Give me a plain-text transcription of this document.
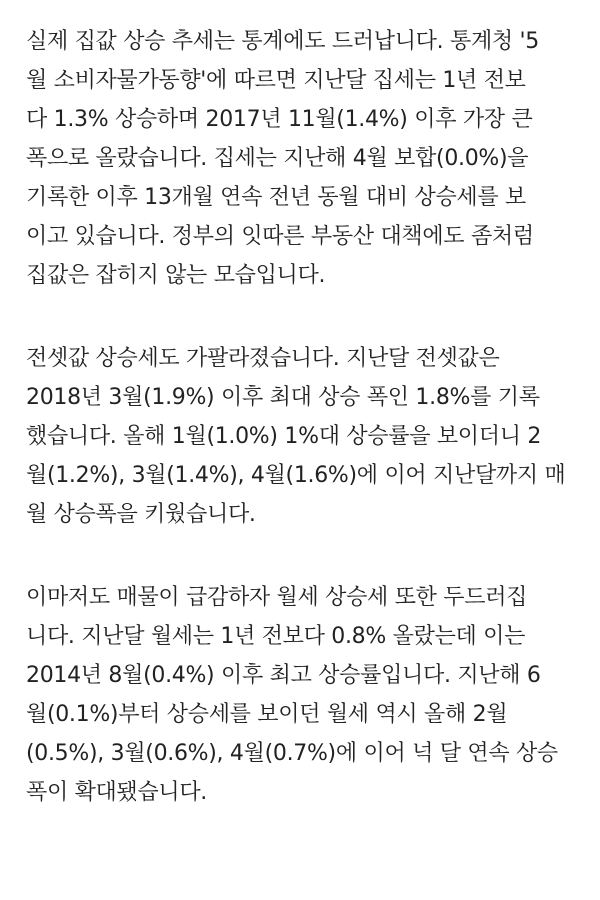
실제 집값 상승 추세는 통계에도 드러납니다. 통계청 '5
월 소비자물가동향'에 따르면 지난달 집세는 1년 전보
다 1.3% 상승하며 2017년 11월(1.4%) 이후 가장 큰
폭으로 올랐습니다. 집세는 지난해 4월 보합(0.0%)을
기록한 이후 13개월 연속 전년 동월 대비 상승세를 보
이고 있습니다. 정부의 잇따른 부동산 대책에도 좀처럼
집값은 잡히지 않는 모습입니다.

전셋값 상승세도 가팔라졌습니다. 지난달 전셋값은
2018년 3월(1.9%) 이후 최대 상승 폭인 1.8%를 기록
했습니다. 올해 1월(1.0%) 1%대 상승률을 보이더니 2
월(1.2%), 3월(1.4%), 4월(1.6%)에 이어 지난달까지 매
월 상승폭을 키웠습니다.

이마저도 매물이 급감하자 월세 상승세 또한 두드러집
니다. 지난달 월세는 1년 전보다 0.8% 올랐는데 이는
2014년 8월(0.4%) 이후 최고 상승률입니다. 지난해 6
월(0.1%)부터 상승세를 보이던 월세 역시 올해 2월
(0.5%), 3월(0.6%), 4월(0.7%)에 이어 넉 달 연속 상승
폭이 확대됐습니다.
